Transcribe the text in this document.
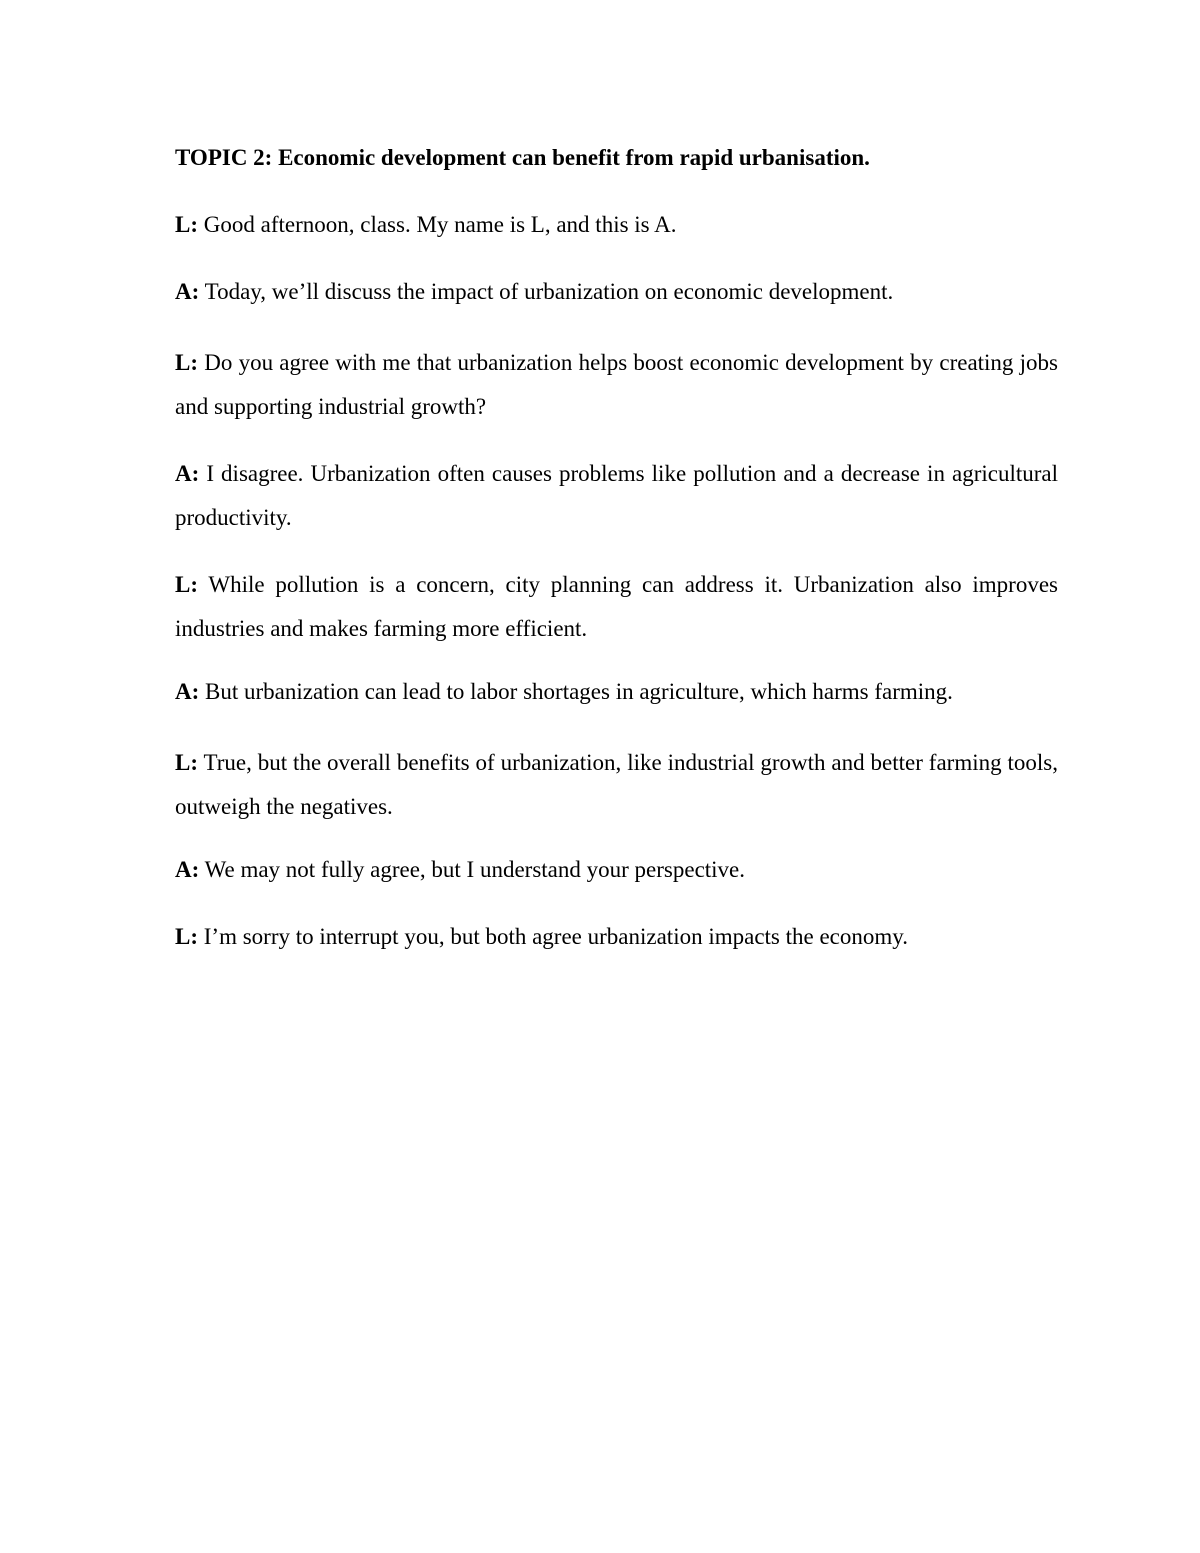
TOPIC 2: Economic development can benefit from rapid urbanisation.

L: Good afternoon, class. My name is L, and this is A.

A: Today, we’ll discuss the impact of urbanization on economic development.

L: Do you agree with me that urbanization helps boost economic development by creating jobs and supporting industrial growth?

A: I disagree. Urbanization often causes problems like pollution and a decrease in agricultural productivity.

L: While pollution is a concern, city planning can address it. Urbanization also improves industries and makes farming more efficient.

A: But urbanization can lead to labor shortages in agriculture, which harms farming.

L: True, but the overall benefits of urbanization, like industrial growth and better farming tools, outweigh the negatives.

A: We may not fully agree, but I understand your perspective.

L: I’m sorry to interrupt you, but both agree urbanization impacts the economy.
